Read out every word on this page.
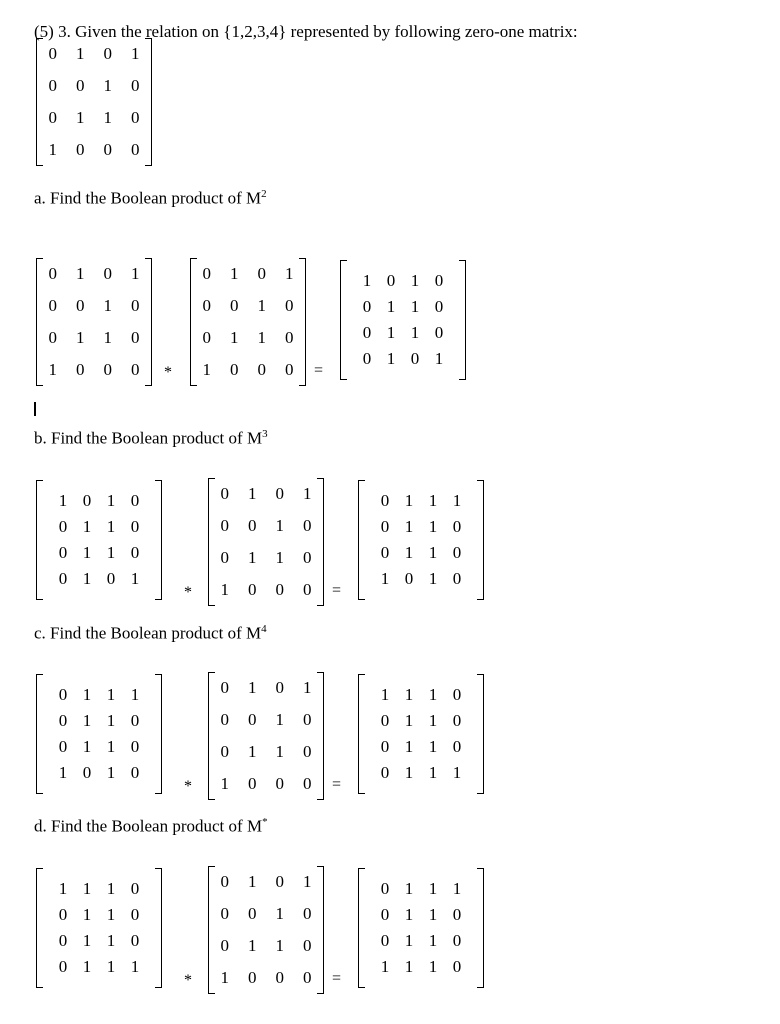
(5) 3. Given the relation on {1,2,3,4} represented by following zero-one matrix:
0	1	0	1
0	0	1	0
0	1	1	0
1	0	0	0
a. Find the Boolean product of $M^2$
0	1	0	1
0	0	1	0
0	1	1	0
1	0	0	0	*
0	1	0	1
0	0	1	0
0	1	1	0
1	0	0	0	=
1 0 1 0
0 1 1 0
0 1 1 0
0 1 0 1
b. Find the Boolean product of $M^3$
1 0 1 0
0 1 1 0
0 1 1 0
0 1 0 1
*
0	1	0	1
0	0	1	0
0	1	1	0
1	0	0	0	=
0 1 1 1
0 1 1 0
0 1 1 0
1 0 1 0
c. Find the Boolean product of $M^4$
0 1 1 1
0 1 1 0
0 1 1 0
1 0 1 0
*
0	1	0	1
0	0	1	0
0	1	1	0
1	0	0	0	=
1 1 1 0
0 1 1 0
0 1 1 0
0 1 1 1
d. Find the Boolean product of M*
1 1 1 0
0 1 1 0
0 1 1 0
0 1 1 1
*
0	1	0	1
0	0	1	0
0	1	1	0
1	0	0	0	=
0 1 1 1
0 1 1 0
0 1 1 0
1 1 1 0
